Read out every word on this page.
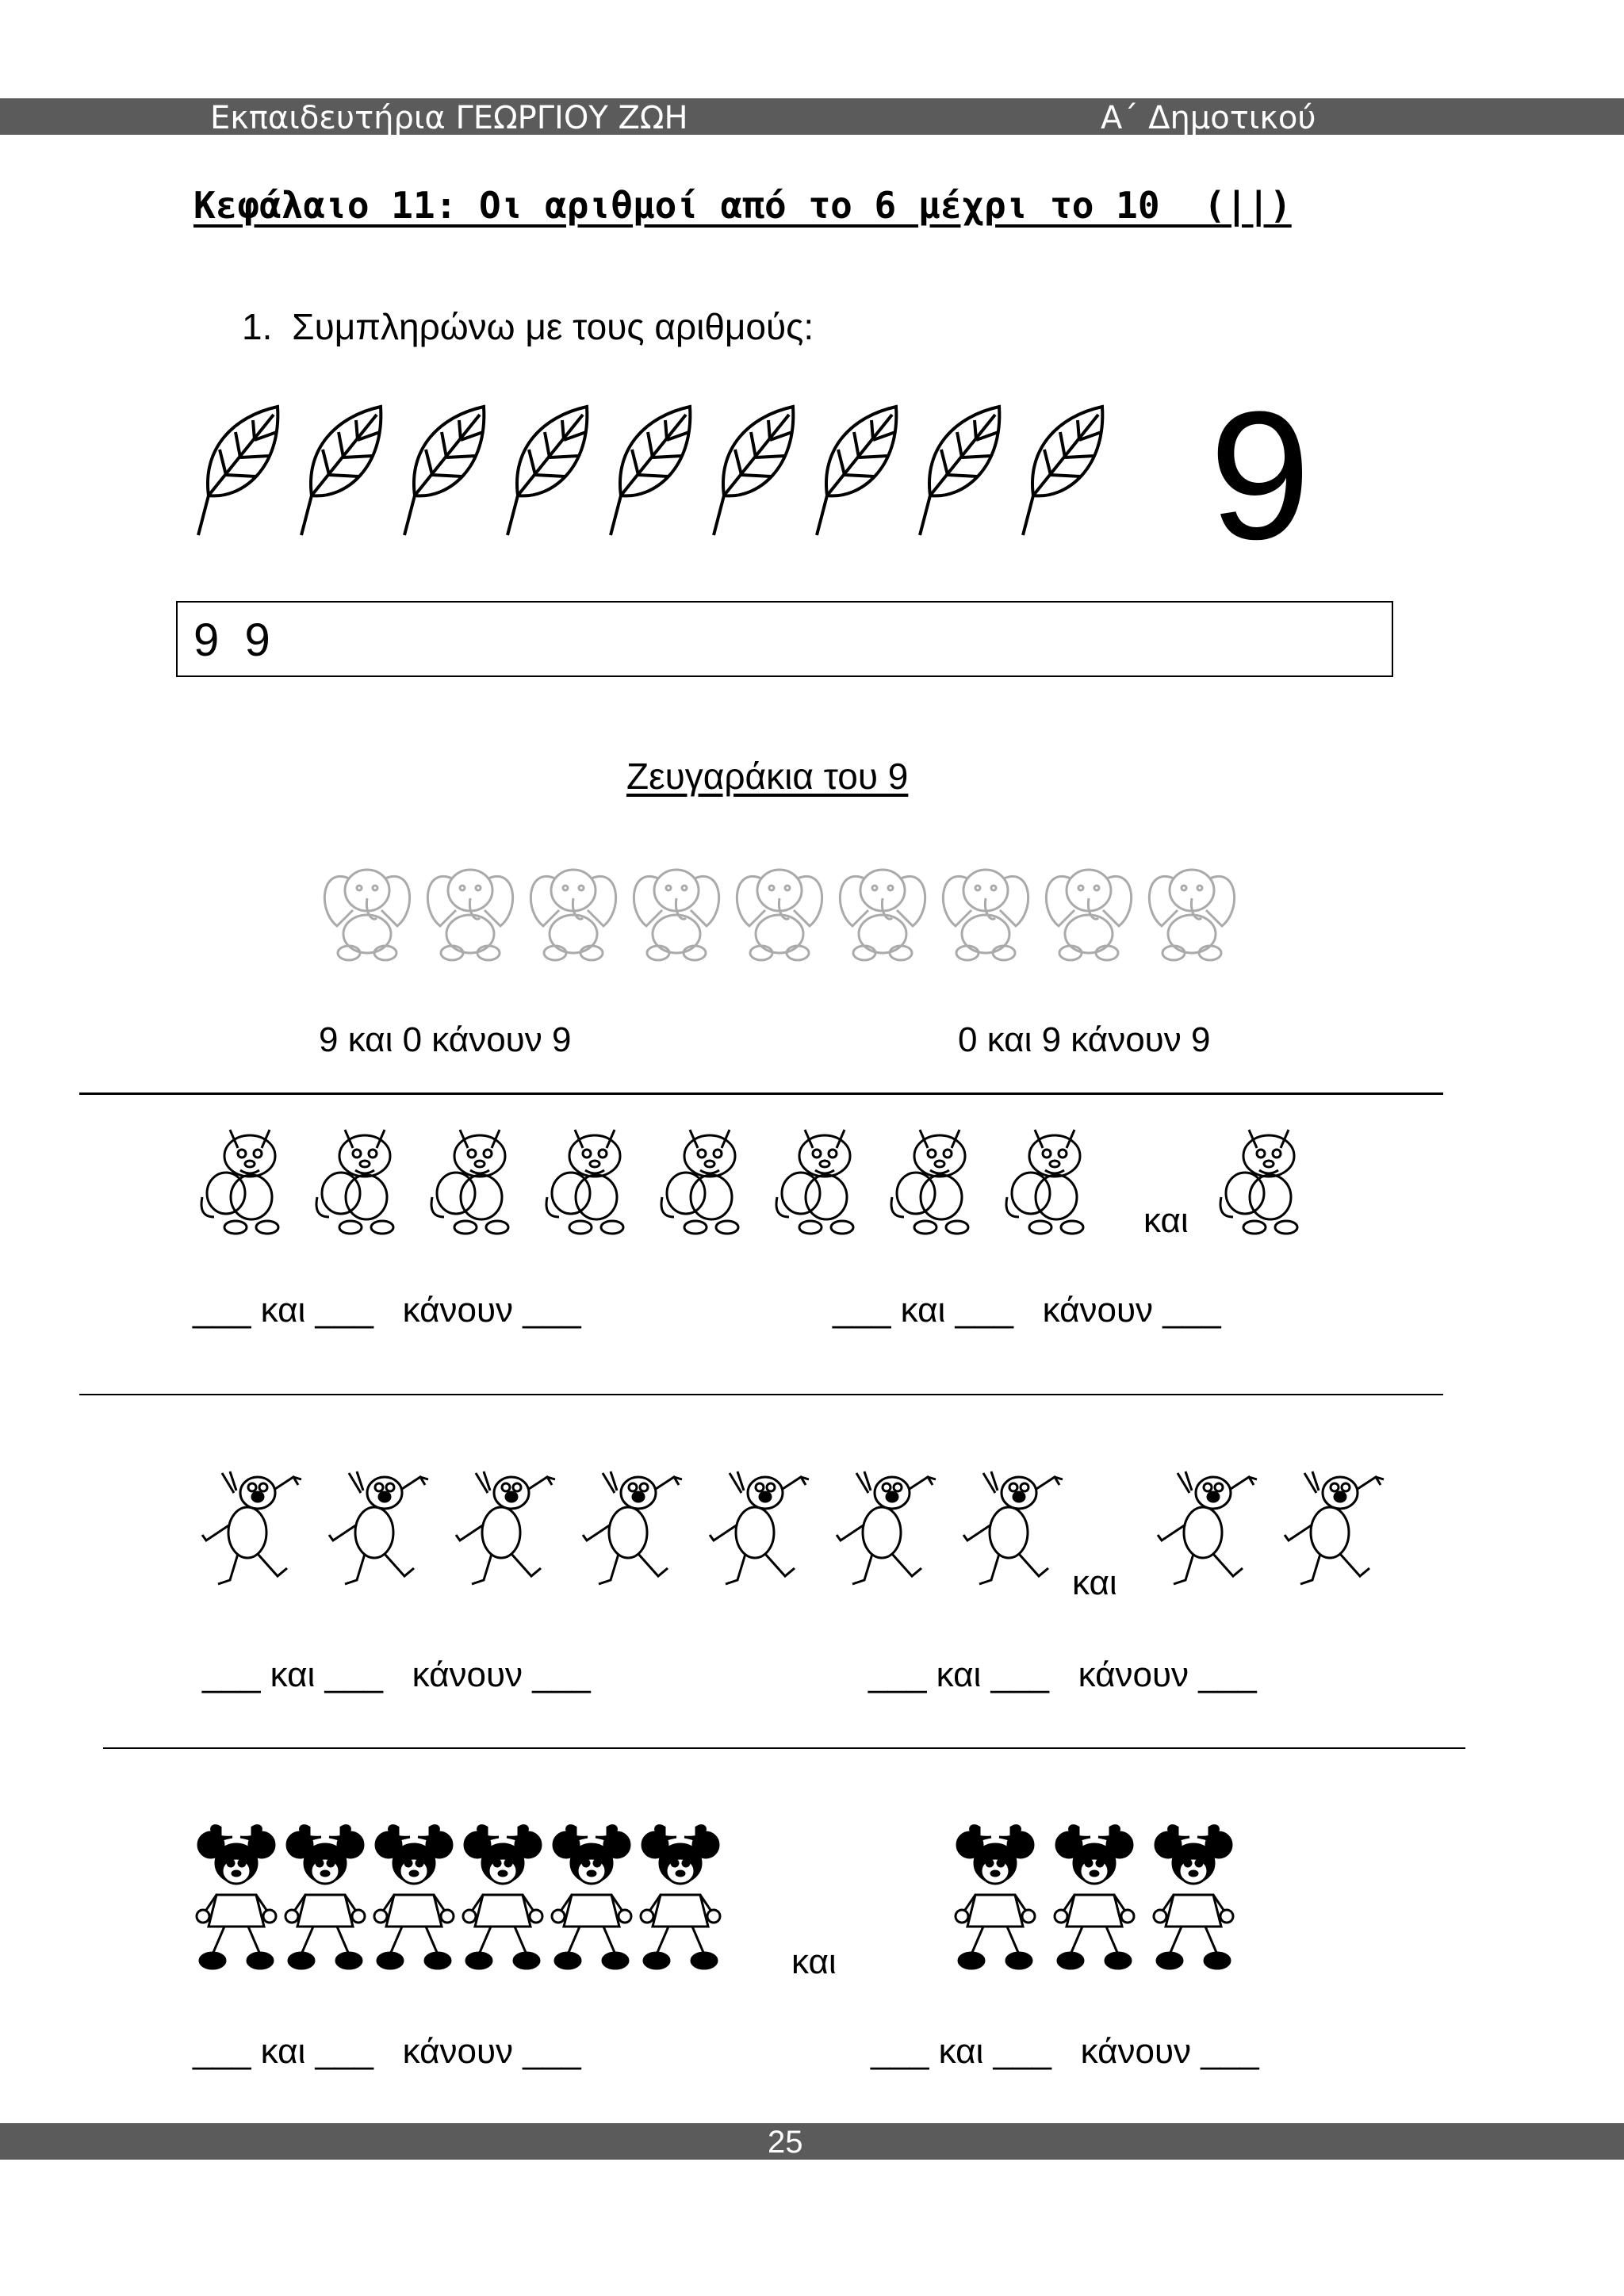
Εκπαιδευτήρια ΓΕΩΡΓΙΟΥ ΖΩΗ	Α΄ Δημοτικού
Κεφάλαιο 11: Οι αριθμοί από το 6 μέχρι το 10  (||)
1. Συμπληρώνω με τους αριθμούς:
9
9  9
Ζευγαράκια του 9
9 και 0 κάνουν 9	0 και 9 κάνουν 9
και
___ και ___   κάνουν ___	___ και ___   κάνουν ___
και
___ και ___   κάνουν ___	___ και ___   κάνουν ___
και
___ και ___   κάνουν ___	___ και ___   κάνουν ___
25
